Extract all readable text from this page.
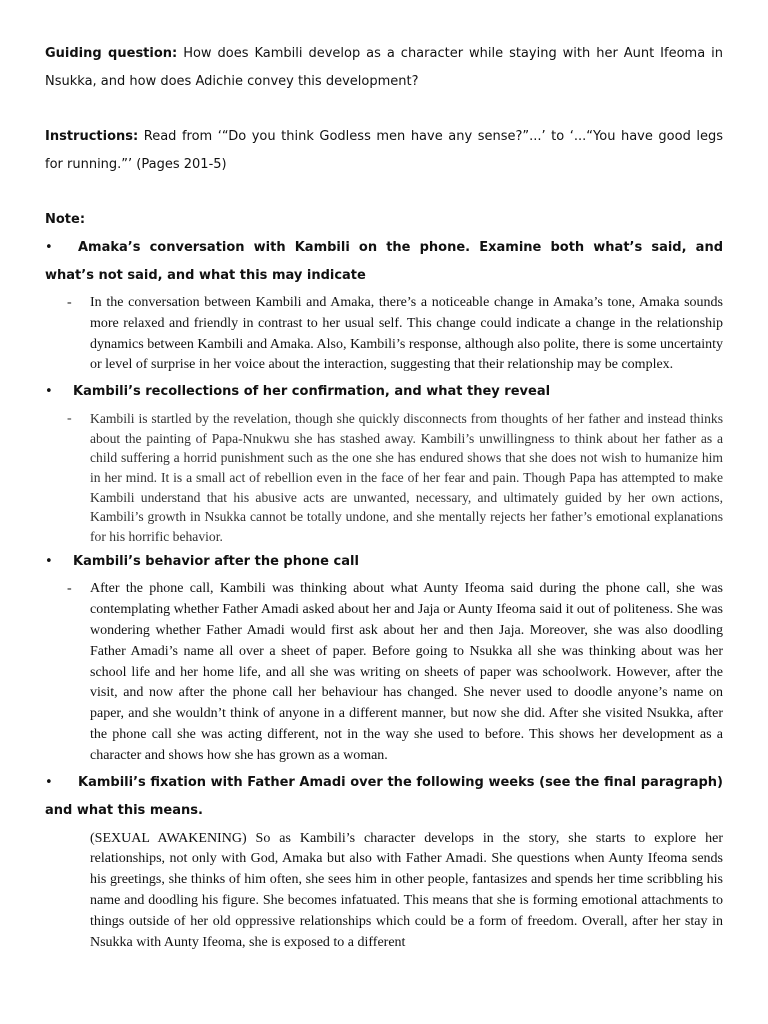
Guiding question: How does Kambili develop as a character while staying with her Aunt Ifeoma in Nsukka, and how does Adichie convey this development?

Instructions: Read from ‘“Do you think Godless men have any sense?”...’ to ‘...“You have good legs for running.”’ (Pages 201-5)

Note:

•	Amaka’s conversation with Kambili on the phone. Examine both what’s said, and what’s not said, and what this may indicate
- In the conversation between Kambili and Amaka, there’s a noticeable change in Amaka’s tone, Amaka sounds more relaxed and friendly in contrast to her usual self. This change could indicate a change in the relationship dynamics between Kambili and Amaka. Also, Kambili’s response, although also polite, there is some uncertainty or level of surprise in her voice about the interaction, suggesting that their relationship may be complex.
•	Kambili’s recollections of her confirmation, and what they reveal
- Kambili is startled by the revelation, though she quickly disconnects from thoughts of her father and instead thinks about the painting of Papa-Nnukwu she has stashed away. Kambili’s unwillingness to think about her father as a child suffering a horrid punishment such as the one she has endured shows that she does not wish to humanize him in her mind. It is a small act of rebellion even in the face of her fear and pain. Though Papa has attempted to make Kambili understand that his abusive acts are unwanted, necessary, and ultimately guided by her own actions, Kambili’s growth in Nsukka cannot be totally undone, and she mentally rejects her father’s emotional explanations for his horrific behavior.
•	Kambili’s behavior after the phone call
- After the phone call, Kambili was thinking about what Aunty Ifeoma said during the phone call, she was contemplating whether Father Amadi asked about her and Jaja or Aunty Ifeoma said it out of politeness. She was wondering whether Father Amadi would first ask about her and then Jaja. Moreover, she was also doodling Father Amadi’s name all over a sheet of paper. Before going to Nsukka all she was thinking about was her school life and her home life, and all she was writing on sheets of paper was schoolwork. However, after the visit, and now after the phone call her behaviour has changed. She never used to doodle anyone’s name on paper, and she wouldn’t think of anyone in a different manner, but now she did. After she visited Nsukka, after the phone call she was acting different, not in the way she used to before. This shows her development as a character and shows how she has grown as a woman.
•	Kambili’s fixation with Father Amadi over the following weeks (see the final paragraph) and what this means.
(SEXUAL AWAKENING) So as Kambili’s character develops in the story, she starts to explore her relationships, not only with God, Amaka but also with Father Amadi. She questions when Aunty Ifeoma sends his greetings, she thinks of him often, she sees him in other people, fantasizes and spends her time scribbling his name and doodling his figure. She becomes infatuated. This means that she is forming emotional attachments to things outside of her old oppressive relationships which could be a form of freedom. Overall, after her stay in Nsukka with Aunty Ifeoma, she is exposed to a different
